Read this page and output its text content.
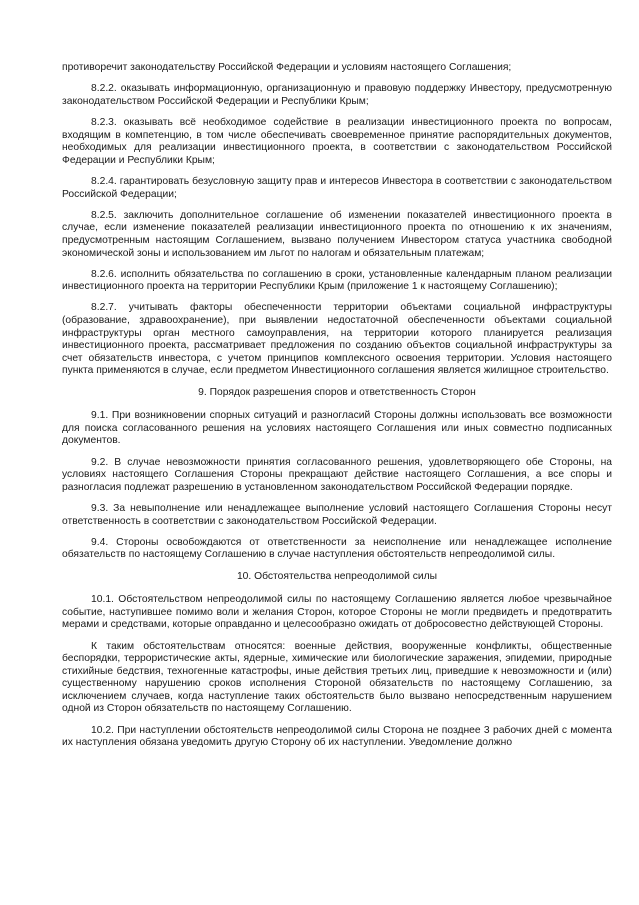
противоречит законодательству Российской Федерации и условиям настоящего Соглашения;

8.2.2. оказывать информационную, организационную и правовую поддержку Инвестору, предусмотренную законодательством Российской Федерации и Республики Крым;

8.2.3. оказывать всё необходимое содействие в реализации инвестиционного проекта по вопросам, входящим в компетенцию, в том числе обеспечивать своевременное принятие распорядительных документов, необходимых для реализации инвестиционного проекта, в соответствии с законодательством Российской Федерации и Республики Крым;

8.2.4. гарантировать безусловную защиту прав и интересов Инвестора в соответствии с законодательством Российской Федерации;

8.2.5. заключить дополнительное соглашение об изменении показателей инвестиционного проекта в случае, если изменение показателей реализации инвестиционного проекта по отношению к их значениям, предусмотренным настоящим Соглашением, вызвано получением Инвестором статуса участника свободной экономической зоны и использованием им льгот по налогам и обязательным платежам;

8.2.6. исполнить обязательства по соглашению в сроки, установленные календарным планом реализации инвестиционного проекта на территории Республики Крым (приложение 1 к настоящему Соглашению);

8.2.7. учитывать факторы обеспеченности территории объектами социальной инфраструктуры (образование, здравоохранение), при выявлении недостаточной обеспеченности объектами социальной инфраструктуры орган местного самоуправления, на территории которого планируется реализация инвестиционного проекта, рассматривает предложения по созданию объектов социальной инфраструктуры за счет обязательств инвестора, с учетом принципов комплексного освоения территории. Условия настоящего пункта применяются в случае, если предметом Инвестиционного соглашения является жилищное строительство.

9. Порядок разрешения споров и ответственность Сторон

9.1. При возникновении спорных ситуаций и разногласий Стороны должны использовать все возможности для поиска согласованного решения на условиях настоящего Соглашения или иных совместно подписанных документов.

9.2. В случае невозможности принятия согласованного решения, удовлетворяющего обе Стороны, на условиях настоящего Соглашения Стороны прекращают действие настоящего Соглашения, а все споры и разногласия подлежат разрешению в установленном законодательством Российской Федерации порядке.

9.3. За невыполнение или ненадлежащее выполнение условий настоящего Соглашения Стороны несут ответственность в соответствии с законодательством Российской Федерации.

9.4. Стороны освобождаются от ответственности за неисполнение или ненадлежащее исполнение обязательств по настоящему Соглашению в случае наступления обстоятельств непреодолимой силы.

10. Обстоятельства непреодолимой силы

10.1. Обстоятельством непреодолимой силы по настоящему Соглашению является любое чрезвычайное событие, наступившее помимо воли и желания Сторон, которое Стороны не могли предвидеть и предотвратить мерами и средствами, которые оправданно и целесообразно ожидать от добросовестно действующей Стороны.

К таким обстоятельствам относятся: военные действия, вооруженные конфликты, общественные беспорядки, террористические акты, ядерные, химические или биологические заражения, эпидемии, природные стихийные бедствия, техногенные катастрофы, иные действия третьих лиц, приведшие к невозможности и (или) существенному нарушению сроков исполнения Стороной обязательств по настоящему Соглашению, за исключением случаев, когда наступление таких обстоятельств было вызвано непосредственным нарушением одной из Сторон обязательств по настоящему Соглашению.

10.2. При наступлении обстоятельств непреодолимой силы Сторона не позднее 3 рабочих дней с момента их наступления обязана уведомить другую Сторону об их наступлении. Уведомление должно
